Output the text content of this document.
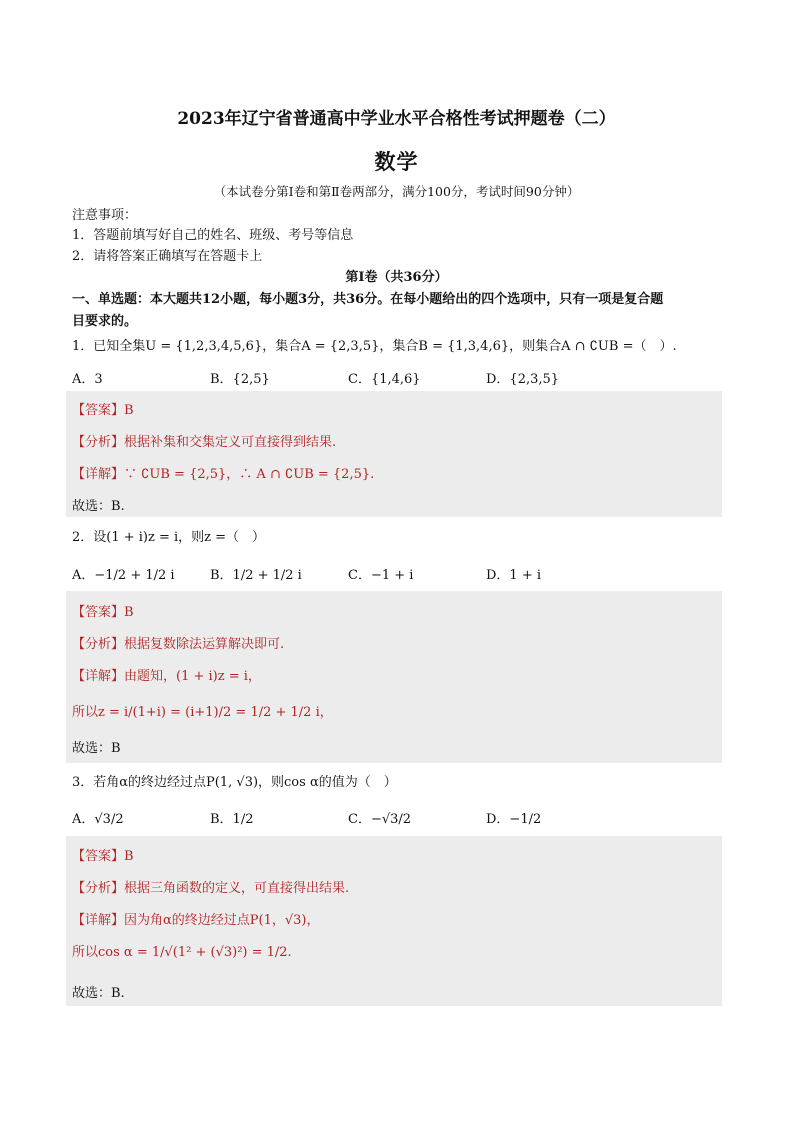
2023年辽宁省普通高中学业水平合格性考试押题卷（二）
数学
（本试卷分第Ⅰ卷和第Ⅱ卷两部分，满分100分，考试时间90分钟）
注意事项：
1．答题前填写好自己的姓名、班级、考号等信息
2．请将答案正确填写在答题卡上
第Ⅰ卷（共36分）
一、单选题：本大题共12小题，每小题3分，共36分。在每小题给出的四个选项中，只有一项是复合题
目要求的。
1．已知全集U = {1,2,3,4,5,6}，集合A = {2,3,5}，集合B = {1,3,4,6}，则集合A ∩ ∁UB =（　）.
A．3	B．{2,5}	C．{1,4,6}	D．{2,3,5}
【答案】B
【分析】根据补集和交集定义可直接得到结果.
【详解】∵ ∁UB = {2,5}，∴ A ∩ ∁UB = {2,5}.
故选：B.
2．设(1 + i)z = i，则z =（　）
A．−1/2 + 1/2 i	B．1/2 + 1/2 i	C．−1 + i	D．1 + i
【答案】B
【分析】根据复数除法运算解决即可.
【详解】由题知，(1 + i)z = i，
所以z = i/(1+i) = (i+1)/2 = 1/2 + 1/2 i，
故选：B
3．若角α的终边经过点P(1, √3)，则cos α的值为（　）
A．√3/2	B．1/2	C．−√3/2	D．−1/2
【答案】B
【分析】根据三角函数的定义，可直接得出结果.
【详解】因为角α的终边经过点P(1，√3)，
所以cos α = 1/√(1² + (√3)²) = 1/2.
故选：B.
